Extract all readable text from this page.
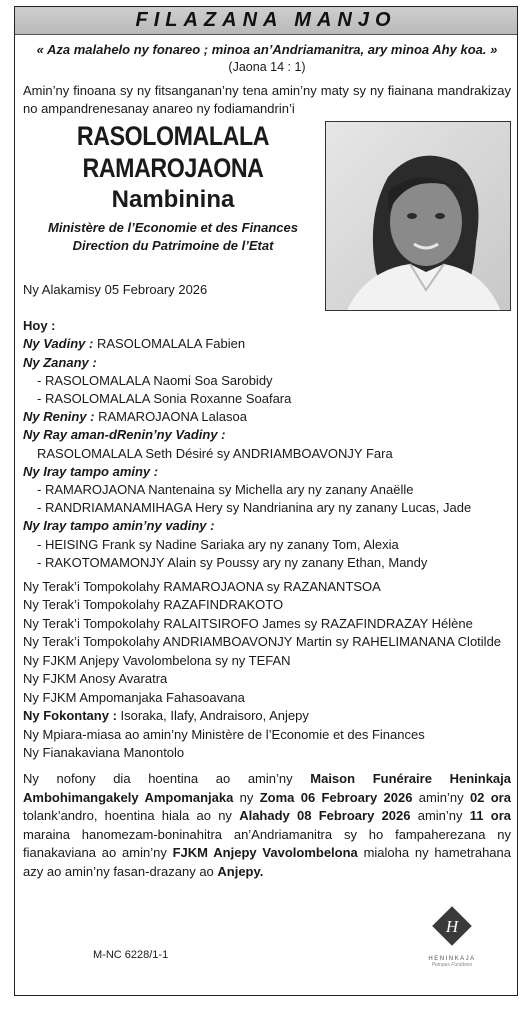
FILAZANA MANJO
« Aza malahelo ny fonareo ; minoa an’Andriamanitra, ary minoa Ahy koa. »
(Jaona 14 : 1)
Amin’ny finoana sy ny fitsanganan’ny tena amin’ny maty sy ny fiainana mandrakizay no ampandrenesanay anareo ny fodiamandrin’i
RASOLOMALALA
RAMAROJAONA
Nambinina
Ministère de l’Economie et des Finances
Direction du Patrimoine de l’Etat
Ny Alakamisy 05 Febroary 2026
Hoy :
Ny Vadiny : RASOLOMALALA Fabien
Ny Zanany :
- RASOLOMALALA Naomi Soa Sarobidy
- RASOLOMALALA Sonia Roxanne Soafara
Ny Reniny : RAMAROJAONA Lalasoa
Ny Ray aman-dRenin’ny Vadiny :
RASOLOMALALA Seth Désiré sy ANDRIAMBOAVONJY Fara
Ny Iray tampo aminy :
- RAMAROJAONA Nantenaina sy Michella ary ny zanany Anaëlle
- RANDRIAMANAMIHAGA Hery sy Nandrianina ary ny zanany Lucas, Jade
Ny Iray tampo amin’ny vadiny :
- HEISING Frank sy Nadine Sariaka ary ny zanany Tom, Alexia
- RAKOTOMAMONJY Alain sy Poussy ary ny zanany Ethan, Mandy
Ny Terak’i Tompokolahy RAMAROJAONA sy RAZANANTSOA
Ny Terak’i Tompokolahy RAZAFINDRAKOTO
Ny Terak’i Tompokolahy RALAITSIROFO James sy RAZAFINDRAZAY Hélène
Ny Terak’i Tompokolahy ANDRIAMBOAVONJY Martin sy RAHELIMANANA Clotilde
Ny FJKM Anjepy Vavolombelona sy ny TEFAN
Ny FJKM Anosy Avaratra
Ny FJKM Ampomanjaka Fahasoavana
Ny Fokontany : Isoraka, Ilafy, Andraisoro, Anjepy
Ny Mpiara-miasa ao amin’ny Ministère de l’Economie et des Finances
Ny Fianakaviana Manontolo
Ny nofony dia hoentina ao amin’ny Maison Funéraire Heninkaja Ambohimangakely Ampomanjaka ny Zoma 06 Febroary 2026 amin’ny 02 ora tolank’andro, hoentina hiala ao ny Alahady 08 Febroary 2026 amin’ny 11 ora maraina hanomezam-boninahitra an’Andriamanitra sy ho fampaherezana ny fianakaviana ao amin’ny FJKM Anjepy Vavolombelona mialoha ny hametrahana azy ao amin’ny fasan-drazany ao Anjepy.
M-NC 6228/1-1
H
HENINKAJA
Pompes Funèbres
